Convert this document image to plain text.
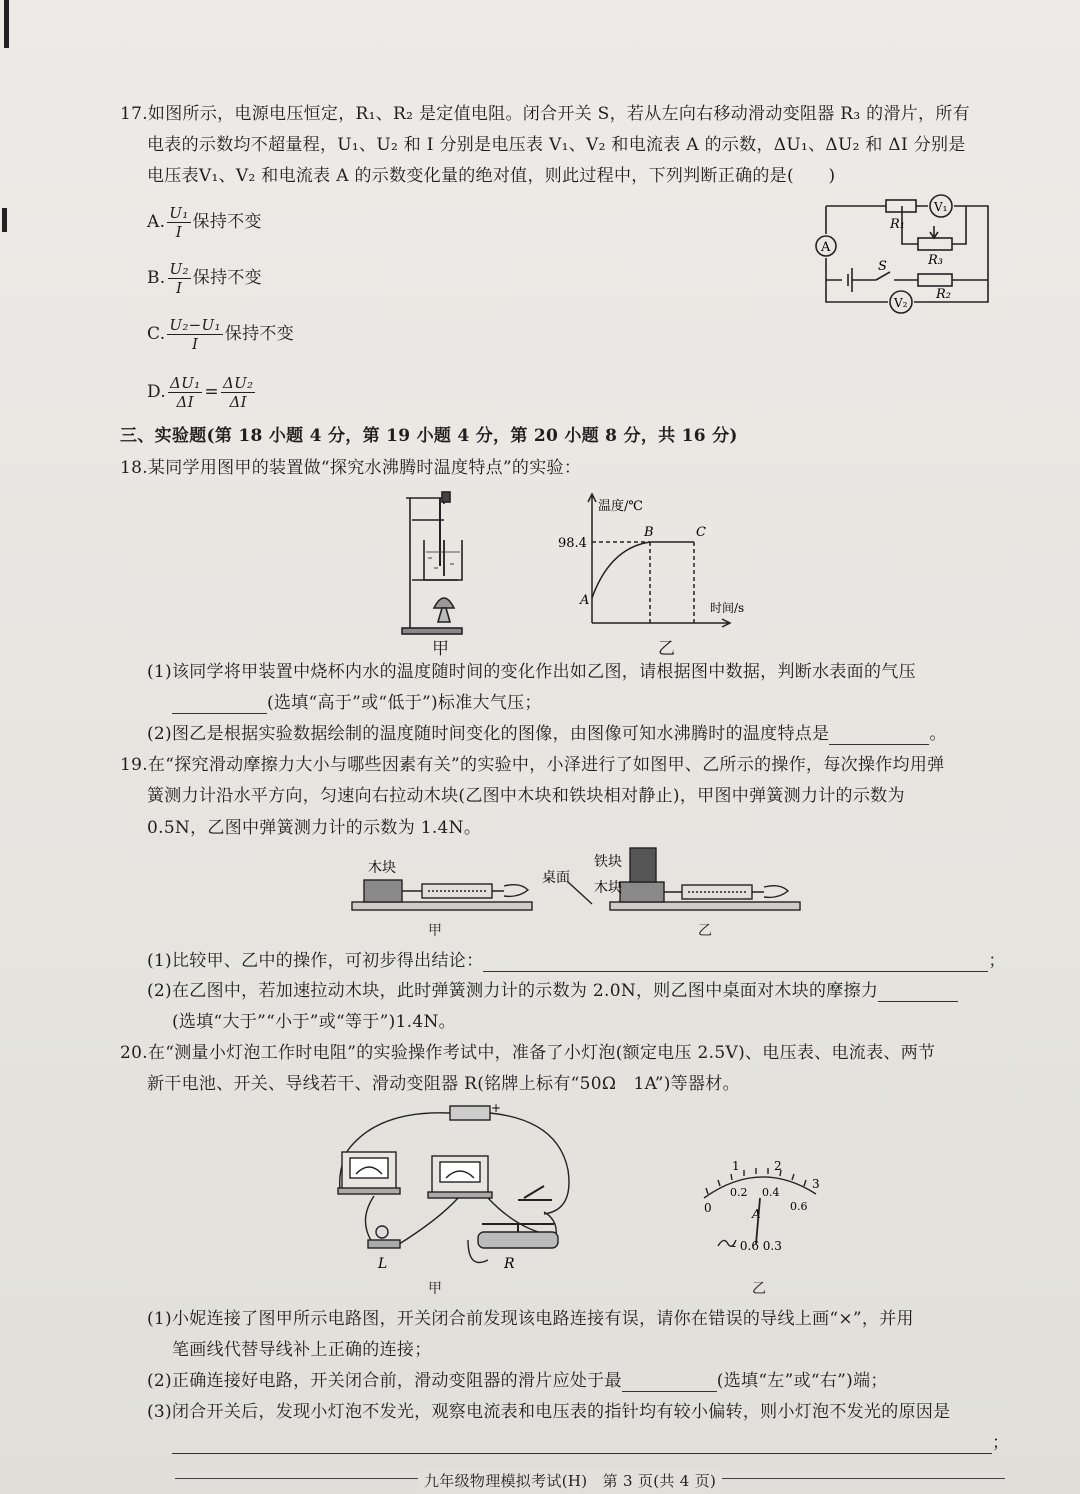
17.如图所示，电源电压恒定，R₁、R₂ 是定值电阻。闭合开关 S，若从左向右移动滑动变阻器 R₃ 的滑片，所有
电表的示数均不超量程，U₁、U₂ 和 I 分别是电压表 V₁、V₂ 和电流表 A 的示数，ΔU₁、ΔU₂ 和 ΔI 分别是
电压表V₁、V₂ 和电流表 A 的示数变化量的绝对值，则此过程中，下列判断正确的是(　　)
A. $\frac{\text{U₁}}{I}$ 保持不变
B. $\frac{\text{U₂}}{I}$ 保持不变
C. $\frac{\text{U₂−U₁}}{I}$ 保持不变
D. $\frac{\text{ΔU₁}}{\Delta I} = \frac{\text{ΔU₂}}{\Delta I}$
A
V₁
V₂
R₁
R₃
R₂
S
三、实验题(第 18 小题 4 分，第 19 小题 4 分，第 20 小题 8 分，共 16 分)
18.某同学用图甲的装置做“探究水沸腾时温度特点”的实验：
甲
温度/℃
时间/s
98.4
A
B	C
乙
(1)该同学将甲装置中烧杯内水的温度随时间的变化作出如乙图，请根据图中数据，判断水表面的气压
(选填“高于”或“低于”)标准大气压；
(2)图乙是根据实验数据绘制的温度随时间变化的图像，由图像可知水沸腾时的温度特点是	。
19.在“探究滑动摩擦力大小与哪些因素有关”的实验中，小泽进行了如图甲、乙所示的操作，每次操作均用弹
簧测力计沿水平方向，匀速向右拉动木块(乙图中木块和铁块相对静止)，甲图中弹簧测力计的示数为
0.5N，乙图中弹簧测力计的示数为 1.4N。
木块	铁块
桌面
木块
甲	乙
(1)比较甲、乙中的操作，可初步得出结论：	；
(2)在乙图中，若加速拉动木块，此时弹簧测力计的示数为 2.0N，则乙图中桌面对木块的摩擦力
(选填“大于”“小于”或“等于”)1.4N。
20.在“测量小灯泡工作时电阻”的实验操作考试中，准备了小灯泡(额定电压 2.5V)、电压表、电流表、两节
新干电池、开关、导线若干、滑动变阻器 R(铭牌上标有“50Ω　1A”)等器材。
L	R
+
甲
0
1	2
3
0.2 0.4
0.6
A
- 0.6 0.3
乙
(1)小妮连接了图甲所示电路图，开关闭合前发现该电路连接有误，请你在错误的导线上画“×”，并用
笔画线代替导线补上正确的连接；
(2)正确连接好电路，开关闭合前，滑动变阻器的滑片应处于最	(选填“左”或“右”)端；
(3)闭合开关后，发现小灯泡不发光，观察电流表和电压表的指针均有较小偏转，则小灯泡不发光的原因是
；
九年级物理模拟考试(H)　第 3 页(共 4 页)
